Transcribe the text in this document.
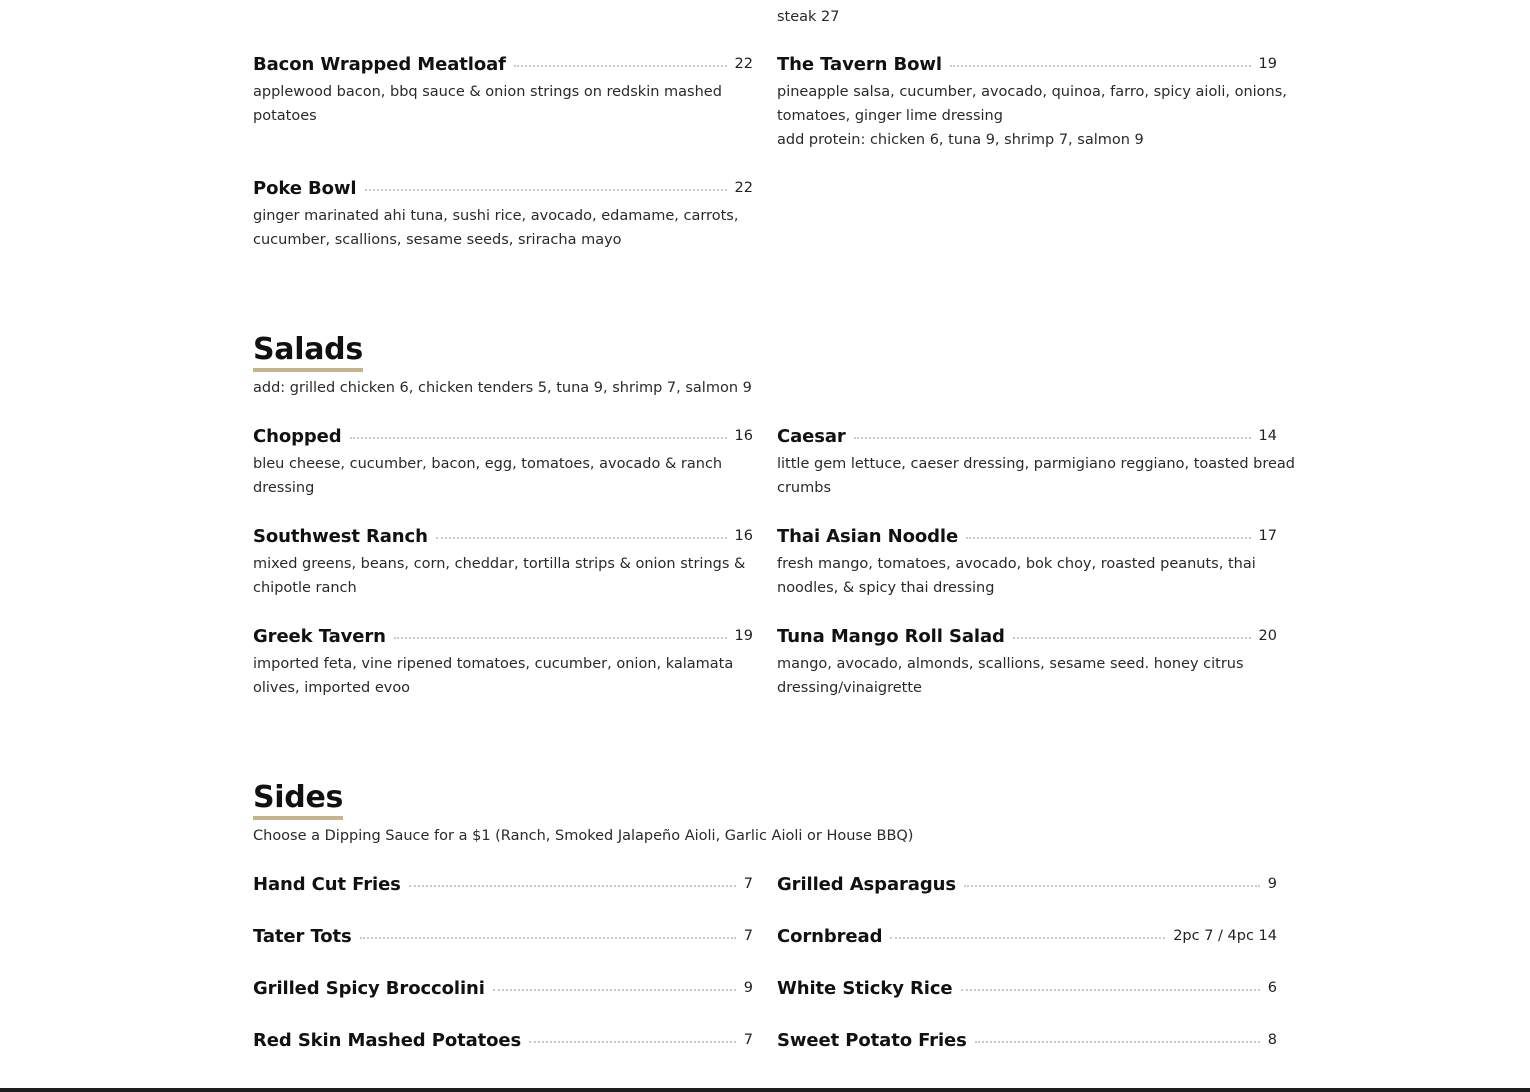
steak 27
Bacon Wrapped Meatloaf	22
applewood bacon, bbq sauce & onion strings on redskin mashed
potatoes
Poke Bowl	22
ginger marinated ahi tuna, sushi rice, avocado, edamame, carrots,
cucumber, scallions, sesame seeds, sriracha mayo
The Tavern Bowl	19
pineapple salsa, cucumber, avocado, quinoa, farro, spicy aioli, onions,
tomatoes, ginger lime dressing
add protein: chicken 6, tuna 9, shrimp 7, salmon 9
Salads
add: grilled chicken 6, chicken tenders 5, tuna 9, shrimp 7, salmon 9
Chopped	16
bleu cheese, cucumber, bacon, egg, tomatoes, avocado & ranch
dressing
Southwest Ranch	16
mixed greens, beans, corn, cheddar, tortilla strips & onion strings &
chipotle ranch
Greek Tavern	19
imported feta, vine ripened tomatoes, cucumber, onion, kalamata
olives, imported evoo
Caesar	14
little gem lettuce, caeser dressing, parmigiano reggiano, toasted bread
crumbs
Thai Asian Noodle	17
fresh mango, tomatoes, avocado, bok choy, roasted peanuts, thai
noodles, & spicy thai dressing
Tuna Mango Roll Salad	20
mango, avocado, almonds, scallions, sesame seed. honey citrus
dressing/vinaigrette
Sides
Choose a Dipping Sauce for a $1 (Ranch, Smoked Jalapeño Aioli, Garlic Aioli or House BBQ)
Hand Cut Fries	7
Tater Tots	7
Grilled Spicy Broccolini	9
Red Skin Mashed Potatoes	7
Grilled Asparagus	9
Cornbread	2pc 7 / 4pc 14
White Sticky Rice	6
Sweet Potato Fries	8
